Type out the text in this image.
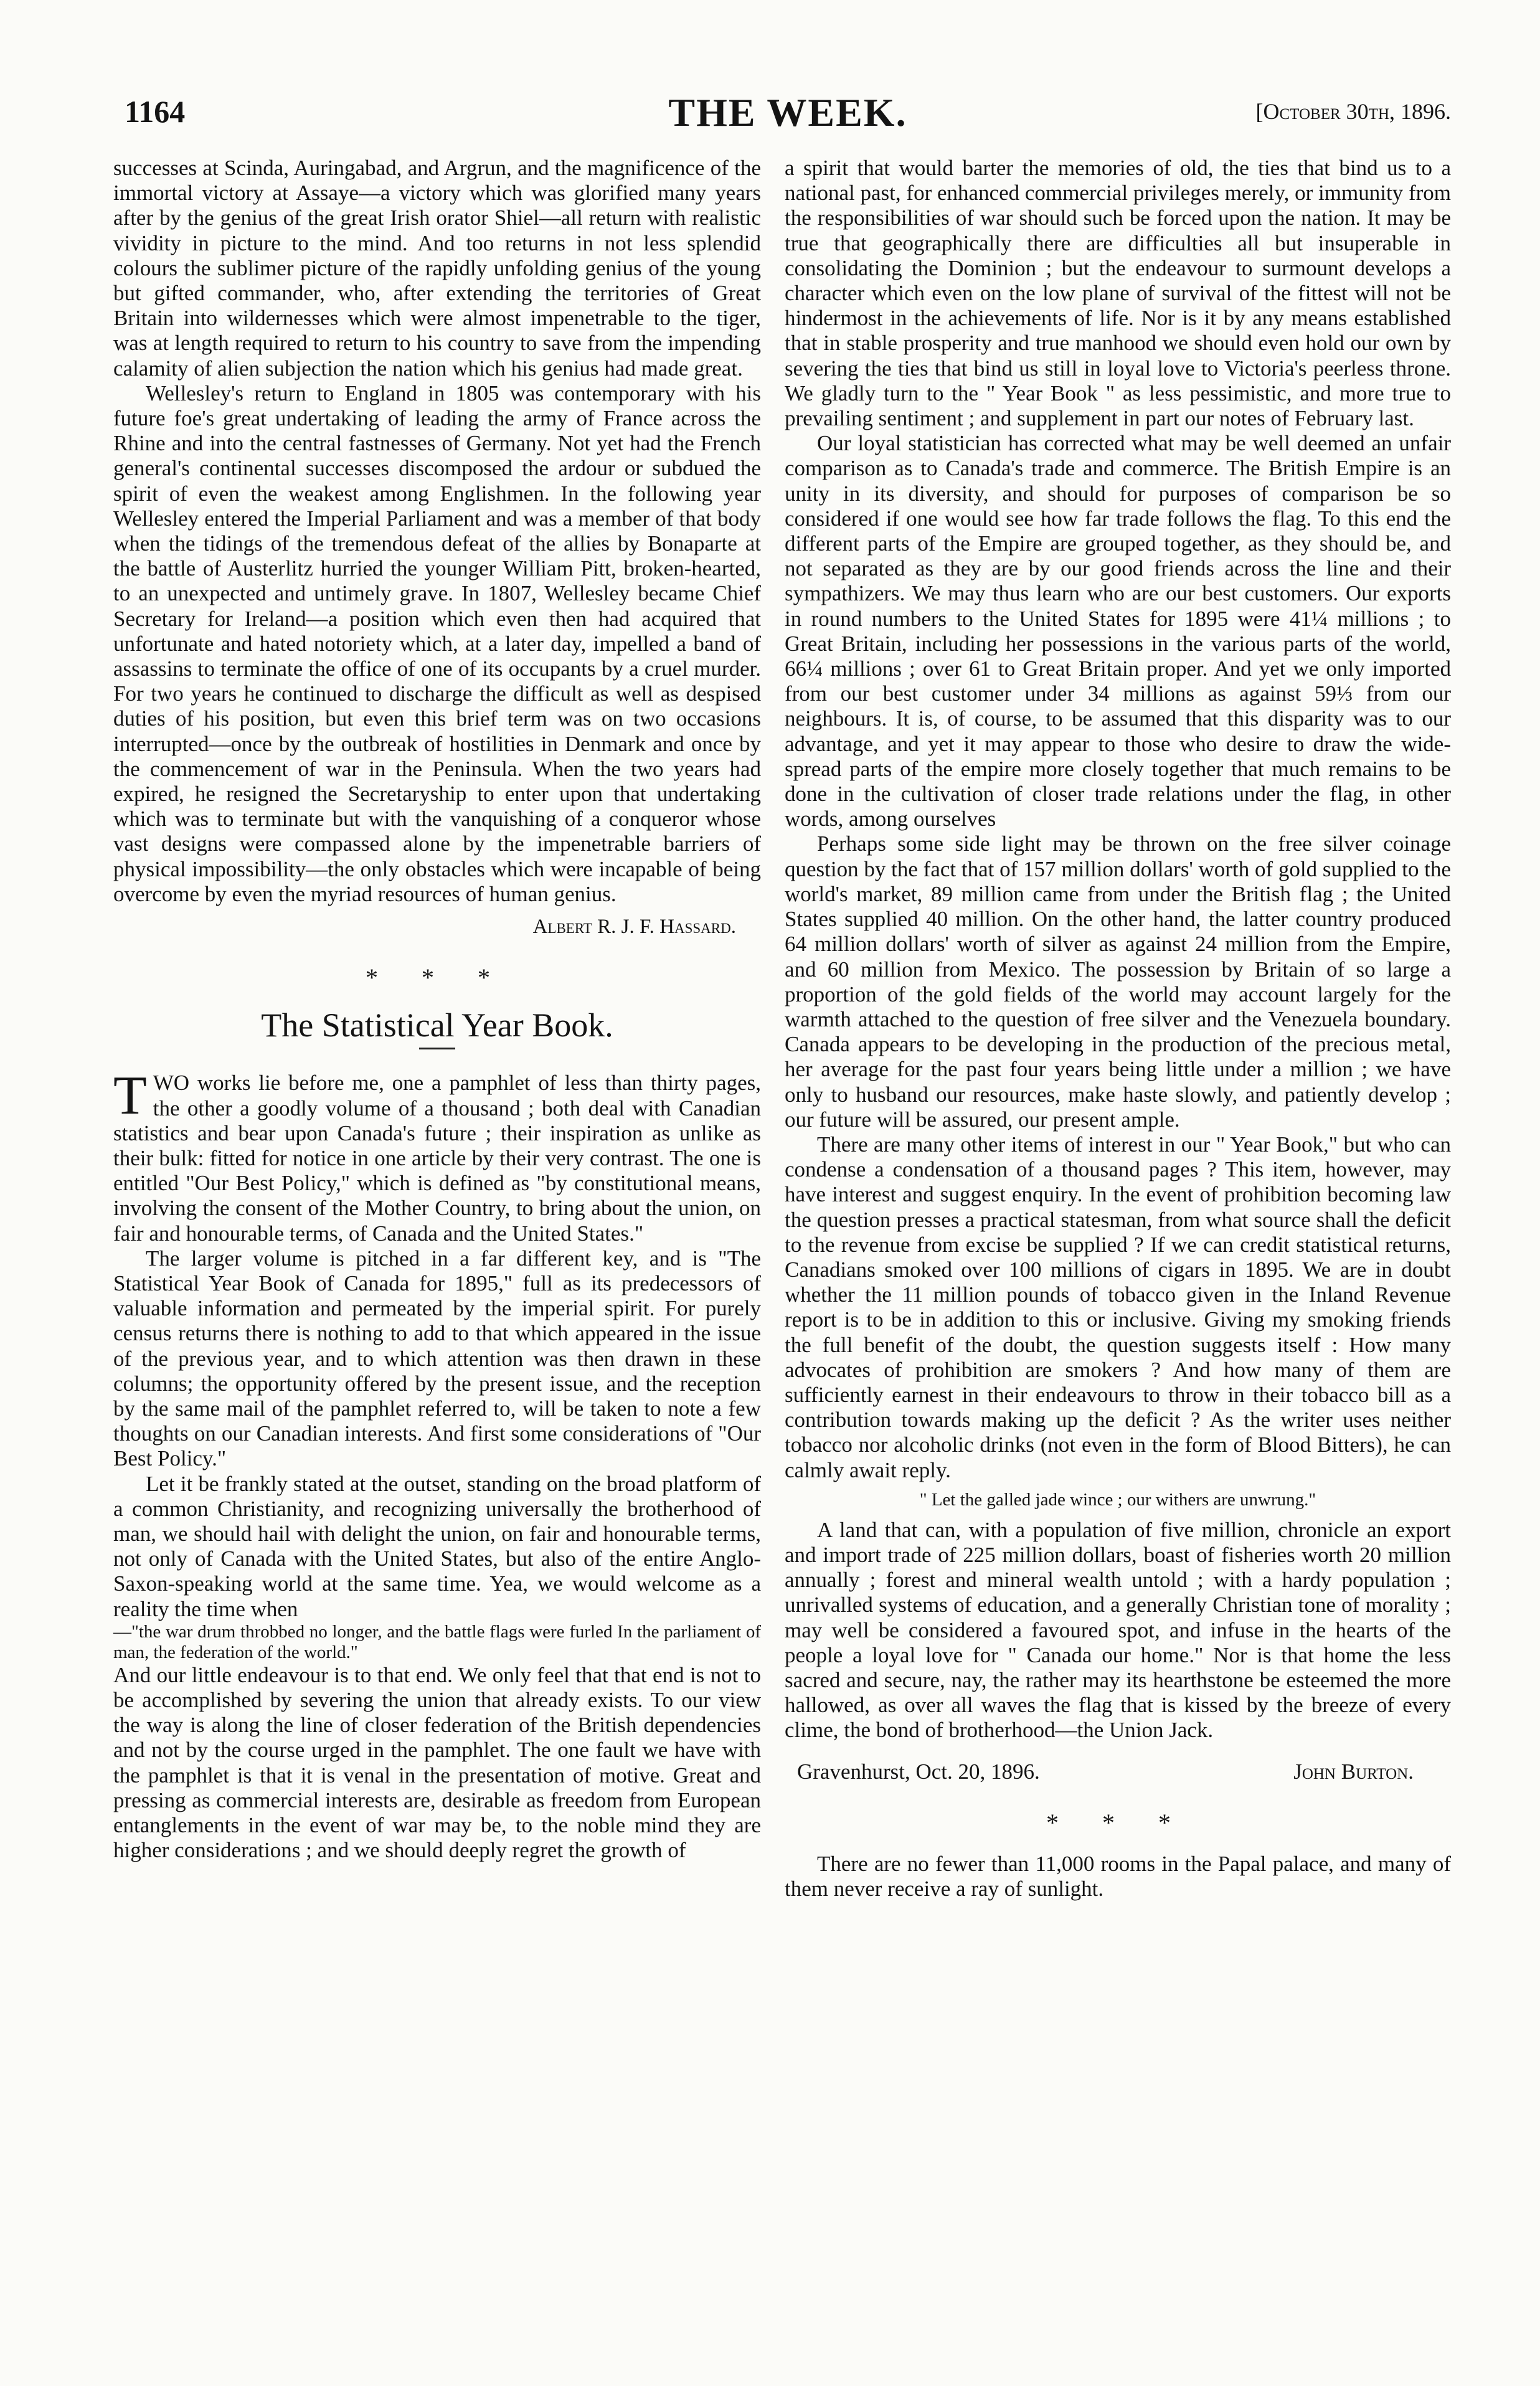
1164	THE WEEK.	[October 30th, 1896.

successes at Scinda, Auringabad, and Argrun, and the magnificence of the immortal victory at Assaye—a victory which was glorified many years after by the genius of the great Irish orator Shiel—all return with realistic vividity in picture to the mind. And too returns in not less splendid colours the sublimer picture of the rapidly unfolding genius of the young but gifted commander, who, after extending the territories of Great Britain into wildernesses which were almost impenetrable to the tiger, was at length required to return to his country to save from the impending calamity of alien subjection the nation which his genius had made great.

Wellesley's return to England in 1805 was contemporary with his future foe's great undertaking of leading the army of France across the Rhine and into the central fastnesses of Germany. Not yet had the French general's continental successes discomposed the ardour or subdued the spirit of even the weakest among Englishmen. In the following year Wellesley entered the Imperial Parliament and was a member of that body when the tidings of the tremendous defeat of the allies by Bonaparte at the battle of Austerlitz hurried the younger William Pitt, broken-hearted, to an unexpected and untimely grave. In 1807, Wellesley became Chief Secretary for Ireland—a position which even then had acquired that unfortunate and hated notoriety which, at a later day, impelled a band of assassins to terminate the office of one of its occupants by a cruel murder. For two years he continued to discharge the difficult as well as despised duties of his position, but even this brief term was on two occasions interrupted—once by the outbreak of hostilities in Denmark and once by the commencement of war in the Peninsula. When the two years had expired, he resigned the Secretaryship to enter upon that undertaking which was to terminate but with the vanquishing of a conqueror whose vast designs were compassed alone by the impenetrable barriers of physical impossibility—the only obstacles which were incapable of being overcome by even the myriad resources of human genius.

Albert R. J. F. Hassard.
* * *
The Statistical Year Book.

TWO works lie before me, one a pamphlet of less than thirty pages, the other a goodly volume of a thousand ; both deal with Canadian statistics and bear upon Canada's future ; their inspiration as unlike as their bulk: fitted for notice in one article by their very contrast. The one is entitled "Our Best Policy," which is defined as "by constitutional means, involving the consent of the Mother Country, to bring about the union, on fair and honourable terms, of Canada and the United States."

The larger volume is pitched in a far different key, and is "The Statistical Year Book of Canada for 1895," full as its predecessors of valuable information and permeated by the imperial spirit. For purely census returns there is nothing to add to that which appeared in the issue of the previous year, and to which attention was then drawn in these columns; the opportunity offered by the present issue, and the reception by the same mail of the pamphlet referred to, will be taken to note a few thoughts on our Canadian interests. And first some considerations of "Our Best Policy."

Let it be frankly stated at the outset, standing on the broad platform of a common Christianity, and recognizing universally the brotherhood of man, we should hail with delight the union, on fair and honourable terms, not only of Canada with the United States, but also of the entire Anglo-Saxon-speaking world at the same time. Yea, we would welcome as a reality the time when

—"the war drum throbbed no longer, and the battle flags were furled In the parliament of man, the federation of the world."

And our little endeavour is to that end. We only feel that that end is not to be accomplished by severing the union that already exists. To our view the way is along the line of closer federation of the British dependencies and not by the course urged in the pamphlet. The one fault we have with the pamphlet is that it is venal in the presentation of motive. Great and pressing as commercial interests are, desirable as freedom from European entanglements in the event of war may be, to the noble mind they are higher considerations ; and we should deeply regret the growth of

a spirit that would barter the memories of old, the ties that bind us to a national past, for enhanced commercial privileges merely, or immunity from the responsibilities of war should such be forced upon the nation. It may be true that geographically there are difficulties all but insuperable in consolidating the Dominion ; but the endeavour to surmount develops a character which even on the low plane of survival of the fittest will not be hindermost in the achievements of life. Nor is it by any means established that in stable prosperity and true manhood we should even hold our own by severing the ties that bind us still in loyal love to Victoria's peerless throne. We gladly turn to the " Year Book " as less pessimistic, and more true to prevailing sentiment ; and supplement in part our notes of February last.

Our loyal statistician has corrected what may be well deemed an unfair comparison as to Canada's trade and commerce. The British Empire is an unity in its diversity, and should for purposes of comparison be so considered if one would see how far trade follows the flag. To this end the different parts of the Empire are grouped together, as they should be, and not separated as they are by our good friends across the line and their sympathizers. We may thus learn who are our best customers. Our exports in round numbers to the United States for 1895 were 41¼ millions ; to Great Britain, including her possessions in the various parts of the world, 66¼ millions ; over 61 to Great Britain proper. And yet we only imported from our best customer under 34 millions as against 59⅓ from our neighbours. It is, of course, to be assumed that this disparity was to our advantage, and yet it may appear to those who desire to draw the wide-spread parts of the empire more closely together that much remains to be done in the cultivation of closer trade relations under the flag, in other words, among ourselves

Perhaps some side light may be thrown on the free silver coinage question by the fact that of 157 million dollars' worth of gold supplied to the world's market, 89 million came from under the British flag ; the United States supplied 40 million. On the other hand, the latter country produced 64 million dollars' worth of silver as against 24 million from the Empire, and 60 million from Mexico. The possession by Britain of so large a proportion of the gold fields of the world may account largely for the warmth attached to the question of free silver and the Venezuela boundary. Canada appears to be developing in the production of the precious metal, her average for the past four years being little under a million ; we have only to husband our resources, make haste slowly, and patiently develop ; our future will be assured, our present ample.

There are many other items of interest in our " Year Book," but who can condense a condensation of a thousand pages ? This item, however, may have interest and suggest enquiry. In the event of prohibition becoming law the question presses a practical statesman, from what source shall the deficit to the revenue from excise be supplied ? If we can credit statistical returns, Canadians smoked over 100 millions of cigars in 1895. We are in doubt whether the 11 million pounds of tobacco given in the Inland Revenue report is to be in addition to this or inclusive. Giving my smoking friends the full benefit of the doubt, the question suggests itself : How many advocates of prohibition are smokers ? And how many of them are sufficiently earnest in their endeavours to throw in their tobacco bill as a contribution towards making up the deficit ? As the writer uses neither tobacco nor alcoholic drinks (not even in the form of Blood Bitters), he can calmly await reply.

" Let the galled jade wince ; our withers are unwrung."

A land that can, with a population of five million, chronicle an export and import trade of 225 million dollars, boast of fisheries worth 20 million annually ; forest and mineral wealth untold ; with a hardy population ; unrivalled systems of education, and a generally Christian tone of morality ; may well be considered a favoured spot, and infuse in the hearts of the people a loyal love for " Canada our home." Nor is that home the less sacred and secure, nay, the rather may its hearthstone be esteemed the more hallowed, as over all waves the flag that is kissed by the breeze of every clime, the bond of brotherhood—the Union Jack.

Gravenhurst, Oct. 20, 1896.	John Burton.
* * *

There are no fewer than 11,000 rooms in the Papal palace, and many of them never receive a ray of sunlight.
